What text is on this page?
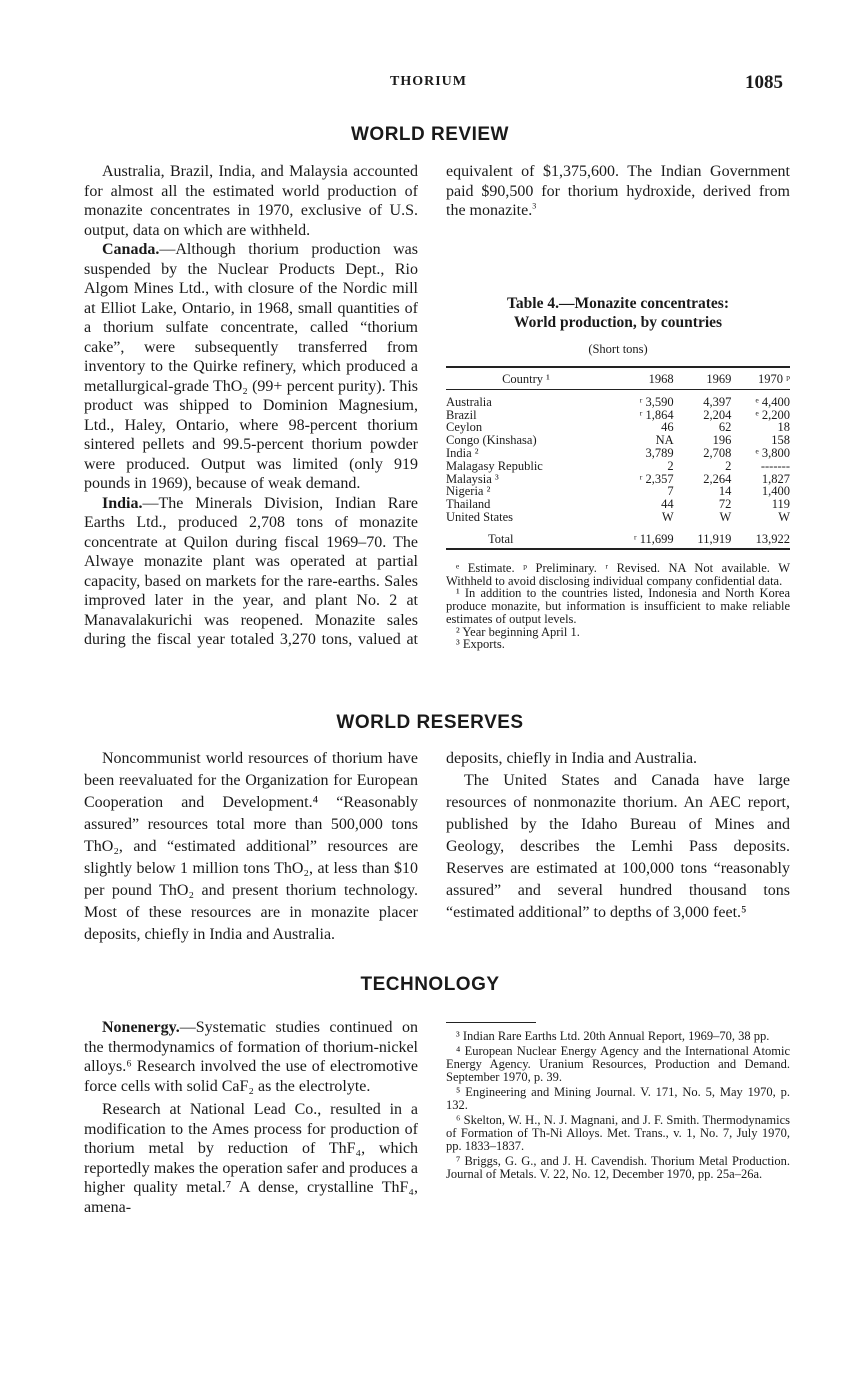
THORIUM	1085
WORLD REVIEW

Australia, Brazil, India, and Malaysia accounted for almost all the estimated world production of monazite concentrates in 1970, exclusive of U.S. output, data on which are withheld.

Canada.—Although thorium production was suspended by the Nuclear Products Dept., Rio Algom Mines Ltd., with closure of the Nordic mill at Elliot Lake, Ontario, in 1968, small quantities of a thorium sulfate concentrate, called “thorium cake”, were subsequently transferred from inventory to the Quirke refinery, which produced a metallurgical-grade ThO₂ (99+ percent purity). This product was shipped to Dominion Magnesium, Ltd., Haley, Ontario, where 98-percent thorium sintered pellets and 99.5-percent thorium powder were produced. Output was limited (only 919 pounds in 1969), because of weak demand.

India.—The Minerals Division, Indian Rare Earths Ltd., produced 2,708 tons of monazite concentrate at Quilon during fiscal 1969–70. The Alwaye monazite plant was operated at partial capacity, based on markets for the rare-earths. Sales improved later in the year, and plant No. 2 at Manavalakurichi was reopened. Monazite sales during the fiscal year totaled 3,270 tons, valued at

equivalent of $1,375,600. The Indian Government paid $90,500 for thorium hydroxide, derived from the monazite.$^3$

Table 4.—Monazite concentrates:
World production, by countries
(Short tons)
Country ¹	1968	1969	1970 ᵖ
Australia	ʳ 3,590	4,397	ᵉ 4,400
Brazil	ʳ 1,864	2,204	ᵉ 2,200
Ceylon	46	62	18
Congo (Kinshasa)	NA	196	158
India ²	3,789	2,708	ᵉ 3,800
Malagasy Republic	2	2	-------
Malaysia ³	ʳ 2,357	2,264	1,827
Nigeria ²	7	14	1,400
Thailand	44	72	119
United States	W	W	W
Total	ʳ 11,699	11,919	13,922

ᵉ Estimate. ᵖ Preliminary. ʳ Revised. NA Not available. W Withheld to avoid disclosing individual company confidential data.

¹ In addition to the countries listed, Indonesia and North Korea produce monazite, but information is insufficient to make reliable estimates of output levels.

² Year beginning April 1.

³ Exports.

WORLD RESERVES

Noncommunist world resources of thorium have been reevaluated for the Organization for European Cooperation and Development.⁴ “Reasonably assured” resources total more than 500,000 tons ThO₂, and “estimated additional” resources are slightly below 1 million tons ThO₂, at less than $10 per pound ThO₂ and present thorium technology. Most of these resources are in monazite placer deposits, chiefly in India and Australia.

deposits, chiefly in India and Australia.

The United States and Canada have large resources of nonmonazite thorium. An AEC report, published by the Idaho Bureau of Mines and Geology, describes the Lemhi Pass deposits. Reserves are estimated at 100,000 tons “reasonably assured” and several hundred thousand tons “estimated additional” to depths of 3,000 feet.⁵

TECHNOLOGY

Nonenergy.—Systematic studies continued on the thermodynamics of formation of thorium-nickel alloys.⁶ Research involved the use of electromotive force cells with solid CaF₂ as the electrolyte.

Research at National Lead Co., resulted in a modification to the Ames process for production of thorium metal by reduction of ThF₄, which reportedly makes the operation safer and produces a higher quality metal.⁷ A dense, crystalline ThF₄, amena-

³ Indian Rare Earths Ltd. 20th Annual Report, 1969–70, 38 pp.

⁴ European Nuclear Energy Agency and the International Atomic Energy Agency. Uranium Resources, Production and Demand. September 1970, p. 39.

⁵ Engineering and Mining Journal. V. 171, No. 5, May 1970, p. 132.

⁶ Skelton, W. H., N. J. Magnani, and J. F. Smith. Thermodynamics of Formation of Th-Ni Alloys. Met. Trans., v. 1, No. 7, July 1970, pp. 1833–1837.

⁷ Briggs, G. G., and J. H. Cavendish. Thorium Metal Production. Journal of Metals. V. 22, No. 12, December 1970, pp. 25a–26a.
